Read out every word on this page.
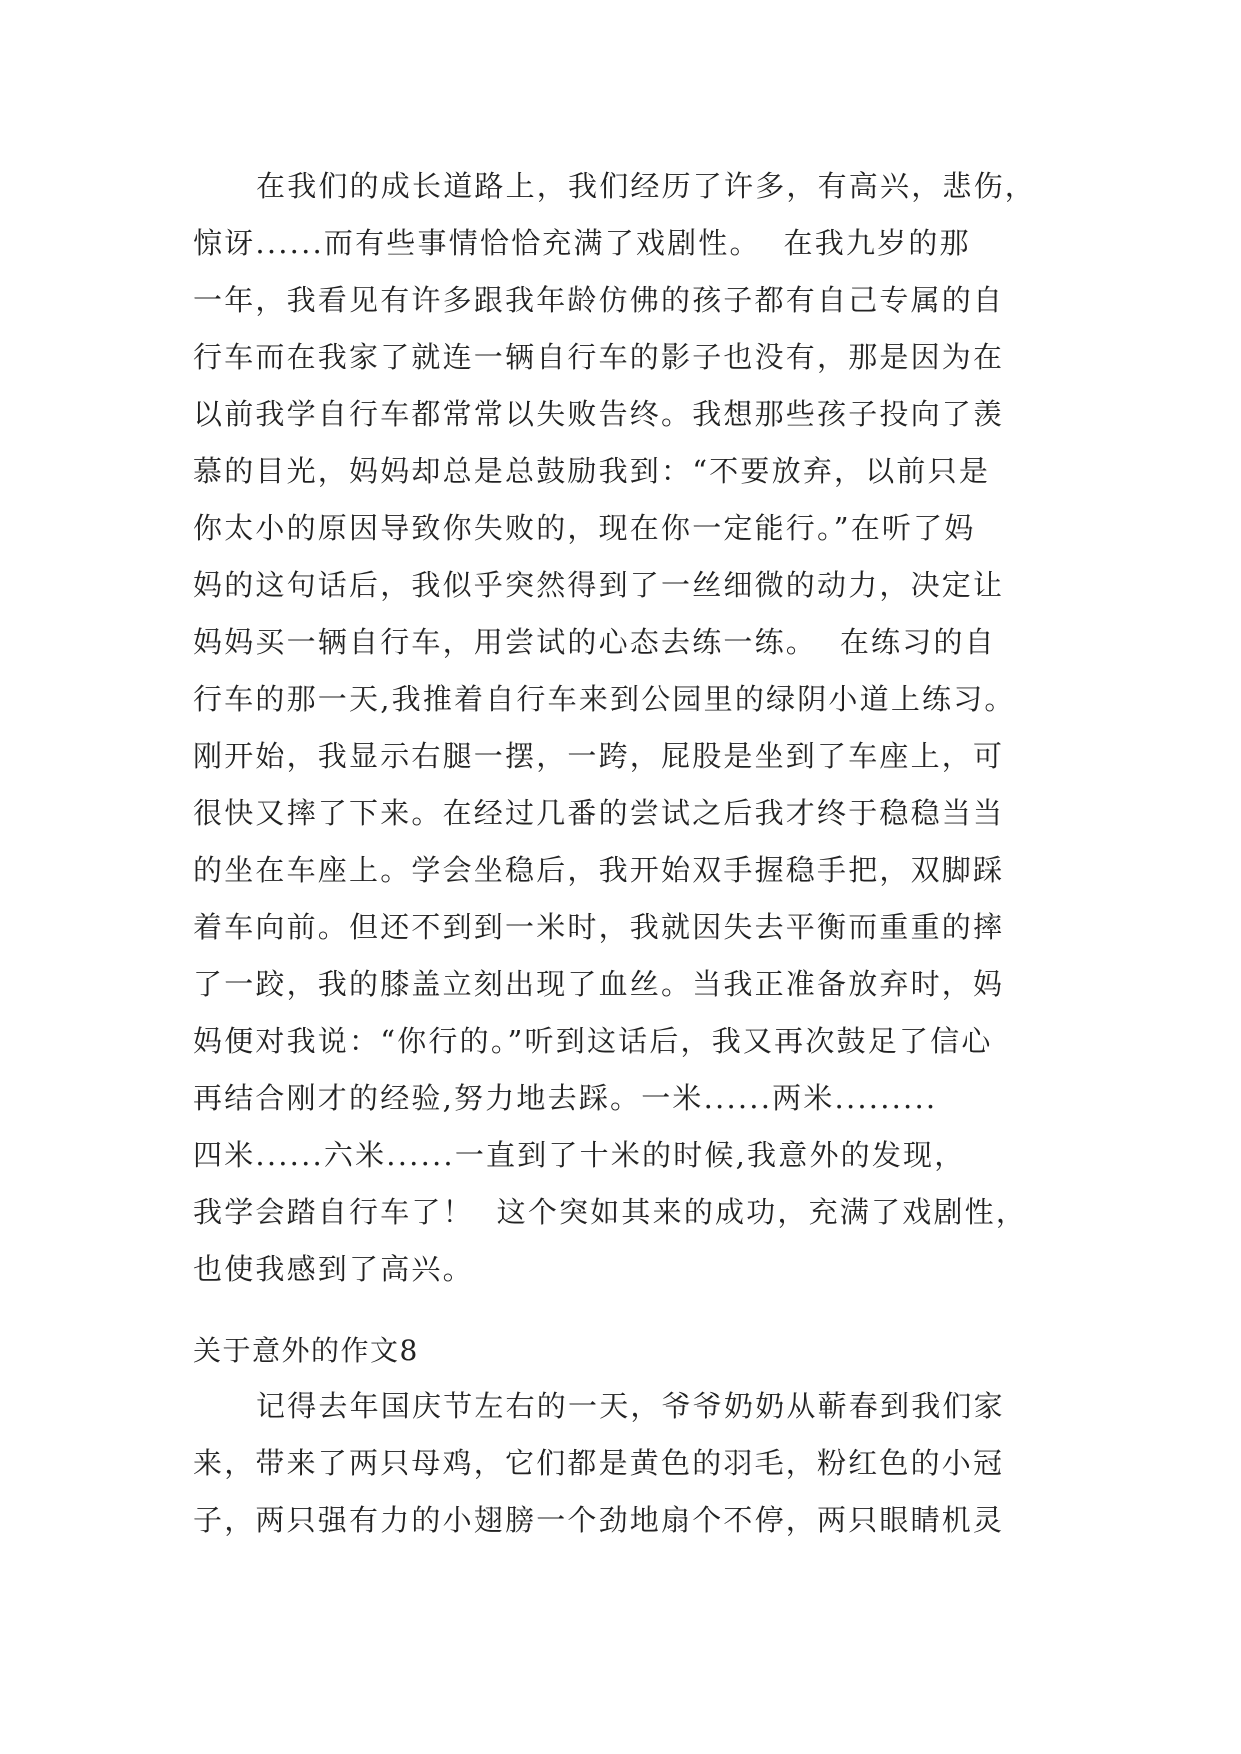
在我们的成长道路上，我们经历了许多，有高兴，悲伤，
惊讶......而有些事情恰恰充满了戏剧性。  在我九岁的那
一年，我看见有许多跟我年龄仿佛的孩子都有自己专属的自
行车而在我家了就连一辆自行车的影子也没有，那是因为在
以前我学自行车都常常以失败告终。我想那些孩子投向了羡
慕的目光，妈妈却总是总鼓励我到：“不要放弃，以前只是
你太小的原因导致你失败的，现在你一定能行。”在听了妈
妈的这句话后，我似乎突然得到了一丝细微的动力，决定让
妈妈买一辆自行车，用尝试的心态去练一练。  在练习的自
行车的那一天,我推着自行车来到公园里的绿阴小道上练习。
刚开始，我显示右腿一摆，一跨，屁股是坐到了车座上，可
很快又摔了下来。在经过几番的尝试之后我才终于稳稳当当
的坐在车座上。学会坐稳后，我开始双手握稳手把，双脚踩
着车向前。但还不到到一米时，我就因失去平衡而重重的摔
了一跤，我的膝盖立刻出现了血丝。当我正准备放弃时，妈
妈便对我说：“你行的。”听到这话后，我又再次鼓足了信心
再结合刚才的经验,努力地去踩。一米......两米.........
四米......六米......一直到了十米的时候,我意外的发现，
我学会踏自行车了！  这个突如其来的成功，充满了戏剧性，
也使我感到了高兴。
关于意外的作文8
记得去年国庆节左右的一天，爷爷奶奶从蕲春到我们家
来，带来了两只母鸡，它们都是黄色的羽毛，粉红色的小冠
子，两只强有力的小翅膀一个劲地扇个不停，两只眼睛机灵
